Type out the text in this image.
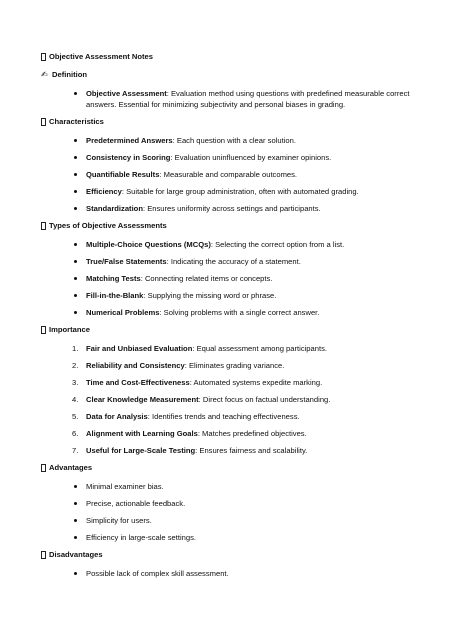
Objective Assessment Notes
✍ Definition
Objective Assessment: Evaluation method using questions with predefined measurable correct answers. Essential for minimizing subjectivity and personal biases in grading.
Characteristics
Predetermined Answers: Each question with a clear solution.
Consistency in Scoring: Evaluation uninfluenced by examiner opinions.
Quantifiable Results: Measurable and comparable outcomes.
Efficiency: Suitable for large group administration, often with automated grading.
Standardization: Ensures uniformity across settings and participants.
Types of Objective Assessments
Multiple-Choice Questions (MCQs): Selecting the correct option from a list.
True/False Statements: Indicating the accuracy of a statement.
Matching Tests: Connecting related items or concepts.
Fill-in-the-Blank: Supplying the missing word or phrase.
Numerical Problems: Solving problems with a single correct answer.
Importance
1.	Fair and Unbiased Evaluation: Equal assessment among participants.
2.	Reliability and Consistency: Eliminates grading variance.
3.	Time and Cost-Effectiveness: Automated systems expedite marking.
4.	Clear Knowledge Measurement: Direct focus on factual understanding.
5.	Data for Analysis: Identifies trends and teaching effectiveness.
6.	Alignment with Learning Goals: Matches predefined objectives.
7.	Useful for Large-Scale Testing: Ensures fairness and scalability.
Advantages
Minimal examiner bias.
Precise, actionable feedback.
Simplicity for users.
Efficiency in large-scale settings.
Disadvantages
Possible lack of complex skill assessment.
